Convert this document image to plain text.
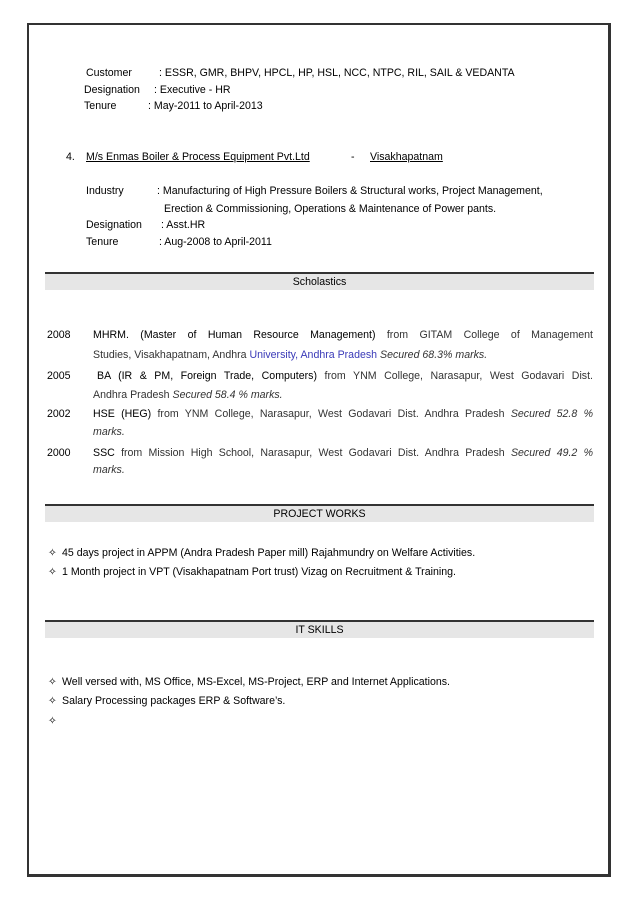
Customer	: ESSR, GMR, BHPV, HPCL, HP, HSL, NCC, NTPC, RIL, SAIL & VEDANTA
Designation : Executive - HR
Tenure	: May-2011 to April-2013
4. M/s Enmas Boiler & Process Equipment Pvt.Ltd	- Visakhapatnam
Industry	: Manufacturing of High Pressure Boilers & Structural works, Project Management,
Erection & Commissioning, Operations & Maintenance of Power pants.
Designation : Asst.HR
Tenure	: Aug-2008 to April-2011
Scholastics
2008 MHRM. (Master of Human Resource Management) from GITAM College of Management
Studies, Visakhapatnam, Andhra University, Andhra Pradesh Secured 68.3% marks.
2005 BA (IR & PM, Foreign Trade, Computers) from YNM College, Narasapur, West Godavari Dist.
Andhra Pradesh Secured 58.4 % marks.
2002 HSE (HEG) from YNM College, Narasapur, West Godavari Dist. Andhra Pradesh Secured 52.8 %
marks.
2000 SSC from Mission High School, Narasapur, West Godavari Dist. Andhra Pradesh Secured 49.2 %
marks.
PROJECT WORKS
✧ 45 days project in APPM (Andra Pradesh Paper mill) Rajahmundry on Welfare Activities.
✧ 1 Month project in VPT (Visakhapatnam Port trust) Vizag on Recruitment & Training.
IT SKILLS
✧ Well versed with, MS Office, MS-Excel, MS-Project, ERP and Internet Applications.
✧ Salary Processing packages ERP & Software’s.
✧
